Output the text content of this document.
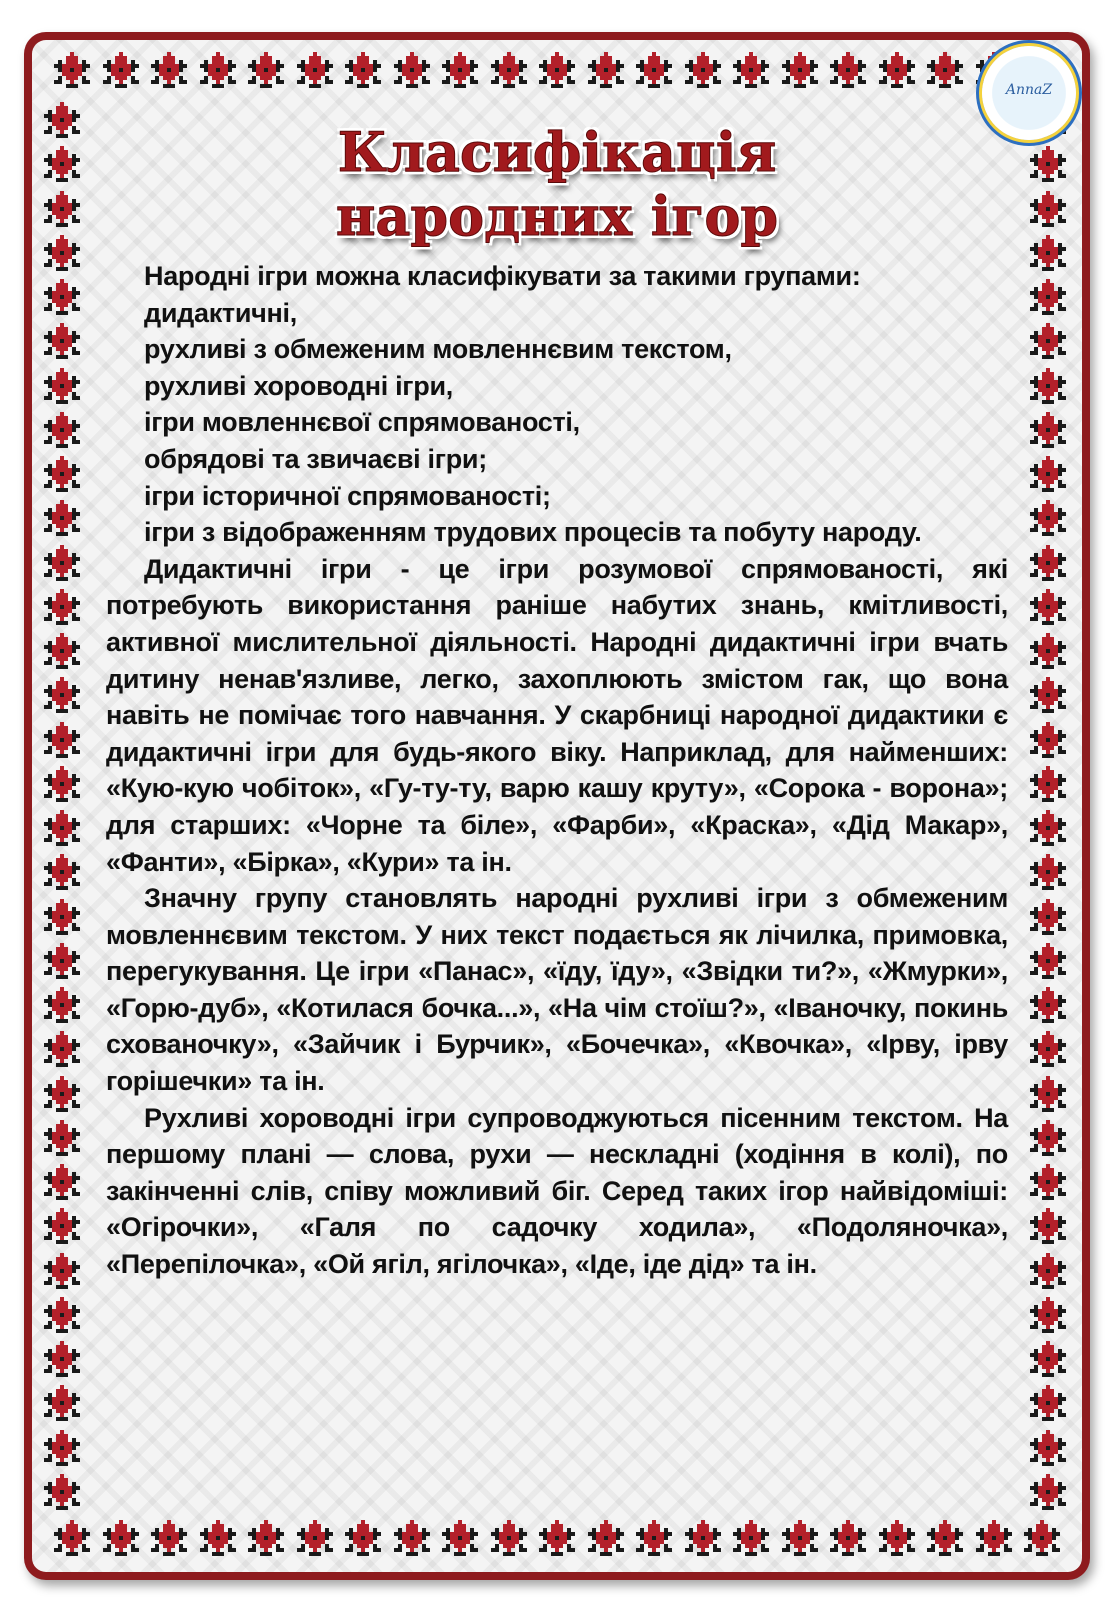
Класифікація
народних ігор

Народні ігри можна класифікувати за такими групами:

дидактичні,

рухливі з обмеженим мовленнєвим текстом,

рухливі хороводні ігри,

ігри мовленнєвої спрямованості,

обрядові та звичаєві ігри;

ігри історичної спрямованості;

ігри з відображенням трудових процесів та побуту народу.

Дидактичні ігри - це ігри розумової спрямованості, які потребують використання раніше набутих знань, кмітливості, активної мислительної діяльності. Народні дидактичні ігри вчать дитину ненав'язливе, легко, захоплюють змістом гак, що вона навіть не помічає того навчання. У скарбниці народної дидактики є дидактичні ігри для будь-якого віку. Наприклад, для найменших: «Кую-кую чобіток», «Гу-ту-ту, варю кашу круту», «Сорока - ворона»; для старших: «Чорне та біле», «Фарби», «Краска», «Дід Макар», «Фанти», «Бірка», «Кури» та ін.

Значну групу становлять народні рухливі ігри з обмеженим мовленнєвим текстом. У них текст подається як лічилка, примовка, перегукування. Це ігри «Панас», «їду, їду», «Звідки ти?», «Жмурки», «Горю-дуб», «Котилася бочка...», «На чім стоїш?», «Іваночку, покинь схованочку», «Зайчик і Бурчик», «Бочечка», «Квочка», «Ірву, ірву горішечки» та ін.

Рухливі хороводні ігри супроводжуються пісенним текстом. На першому плані — слова, рухи — нескладні (ходіння в колі), по закінченні слів, співу можливий біг. Серед таких ігор найвідоміші: «Огірочки», «Галя по садочку ходила», «Подоляночка», «Перепілочка», «Ой ягіл, ягілочка», «Іде, іде дід» та ін.

AnnaZ
